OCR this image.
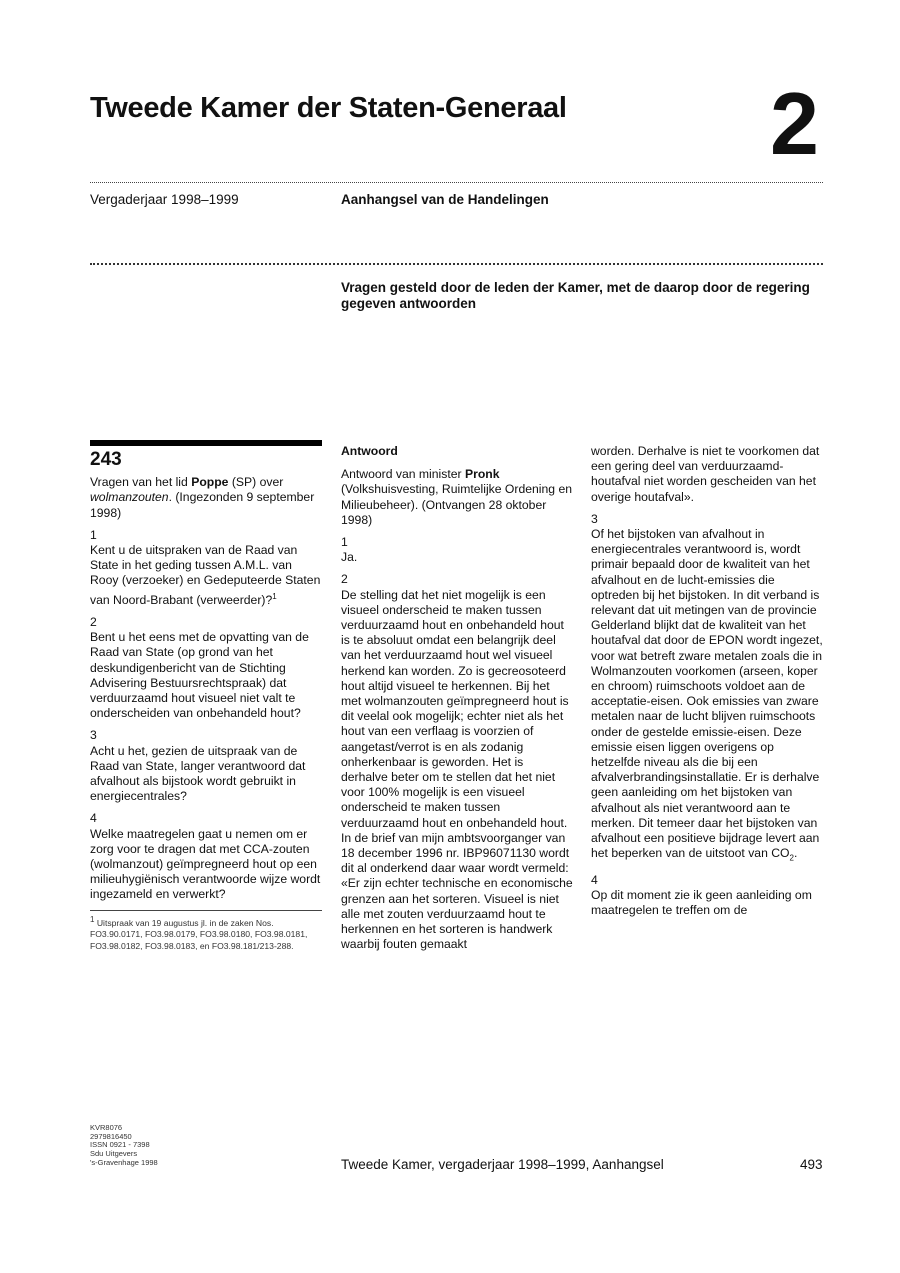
Tweede Kamer der Staten-Generaal 2
Vergaderjaar 1998–1999	Aanhangsel van de Handelingen
Vragen gesteld door de leden der Kamer, met de daarop door de regering gegeven antwoorden
243

Vragen van het lid Poppe (SP) over wolmanzouten. (Ingezonden 9 september 1998)

1
Kent u de uitspraken van de Raad van State in het geding tussen A.M.L. van Rooy (verzoeker) en Gedeputeerde Staten van Noord-Brabant (verweerder)?$^1$

2
Bent u het eens met de opvatting van de Raad van State (op grond van het deskundigenbericht van de Stichting Advisering Bestuursrechtspraak) dat verduurzaamd hout visueel niet valt te onderscheiden van onbehandeld hout?

3
Acht u het, gezien de uitspraak van de Raad van State, langer verantwoord dat afvalhout als bijstook wordt gebruikt in energiecentrales?

4
Welke maatregelen gaat u nemen om er zorg voor te dragen dat met CCA-zouten (wolmanzout) geïmpregneerd hout op een milieuhygiënisch verantwoorde wijze wordt ingezameld en verwerkt?

$^1$ Uitspraak van 19 augustus jl. in de zaken Nos. FO3.90.0171, FO3.98.0179, FO3.98.0180, FO3.98.0181, FO3.98.0182, FO3.98.0183, en FO3.98.181/213-288.
Antwoord

Antwoord van minister Pronk (Volkshuisvesting, Ruimtelijke Ordening en Milieubeheer). (Ontvangen 28 oktober 1998)

1
Ja.

2
De stelling dat het niet mogelijk is een visueel onderscheid te maken tussen verduurzaamd hout en onbehandeld hout is te absoluut omdat een belangrijk deel van het verduurzaamd hout wel visueel herkend kan worden. Zo is gecreosoteerd hout altijd visueel te herkennen. Bij het met wolmanzouten geïmpregneerd hout is dit veelal ook mogelijk; echter niet als het hout van een verflaag is voorzien of aangetast/verrot is en als zodanig onherkenbaar is geworden. Het is derhalve beter om te stellen dat het niet voor 100% mogelijk is een visueel onderscheid te maken tussen verduurzaamd hout en onbehandeld hout.
In de brief van mijn ambtsvoorganger van 18 december 1996 nr. IBP96071130 wordt dit al onderkend daar waar wordt vermeld: «Er zijn echter technische en economische grenzen aan het sorteren. Visueel is niet alle met zouten verduurzaamd hout te herkennen en het sorteren is handwerk waarbij fouten gemaakt

worden. Derhalve is niet te voorkomen dat een gering deel van verduurzaamd-houtafval niet worden gescheiden van het overige houtafval».

3
Of het bijstoken van afvalhout in energiecentrales verantwoord is, wordt primair bepaald door de kwaliteit van het afvalhout en de lucht-emissies die optreden bij het bijstoken. In dit verband is relevant dat uit metingen van de provincie Gelderland blijkt dat de kwaliteit van het houtafval dat door de EPON wordt ingezet, voor wat betreft zware metalen zoals die in Wolmanzouten voorkomen (arseen, koper en chroom) ruimschoots voldoet aan de acceptatie-eisen. Ook emissies van zware metalen naar de lucht blijven ruimschoots onder de gestelde emissie-eisen. Deze emissie eisen liggen overigens op hetzelfde niveau als die bij een afvalverbrandingsinstallatie. Er is derhalve geen aanleiding om het bijstoken van afvalhout als niet verantwoord aan te merken. Dit temeer daar het bijstoken van afvalhout een positieve bijdrage levert aan het beperken van de uitstoot van $CO_2$.

4
Op dit moment zie ik geen aanleiding om maatregelen te treffen om de

KVR8076
2979816450
ISSN 0921 - 7398
Sdu Uitgevers
's-Gravenhage 1998	Tweede Kamer, vergaderjaar 1998–1999, Aanhangsel	493
